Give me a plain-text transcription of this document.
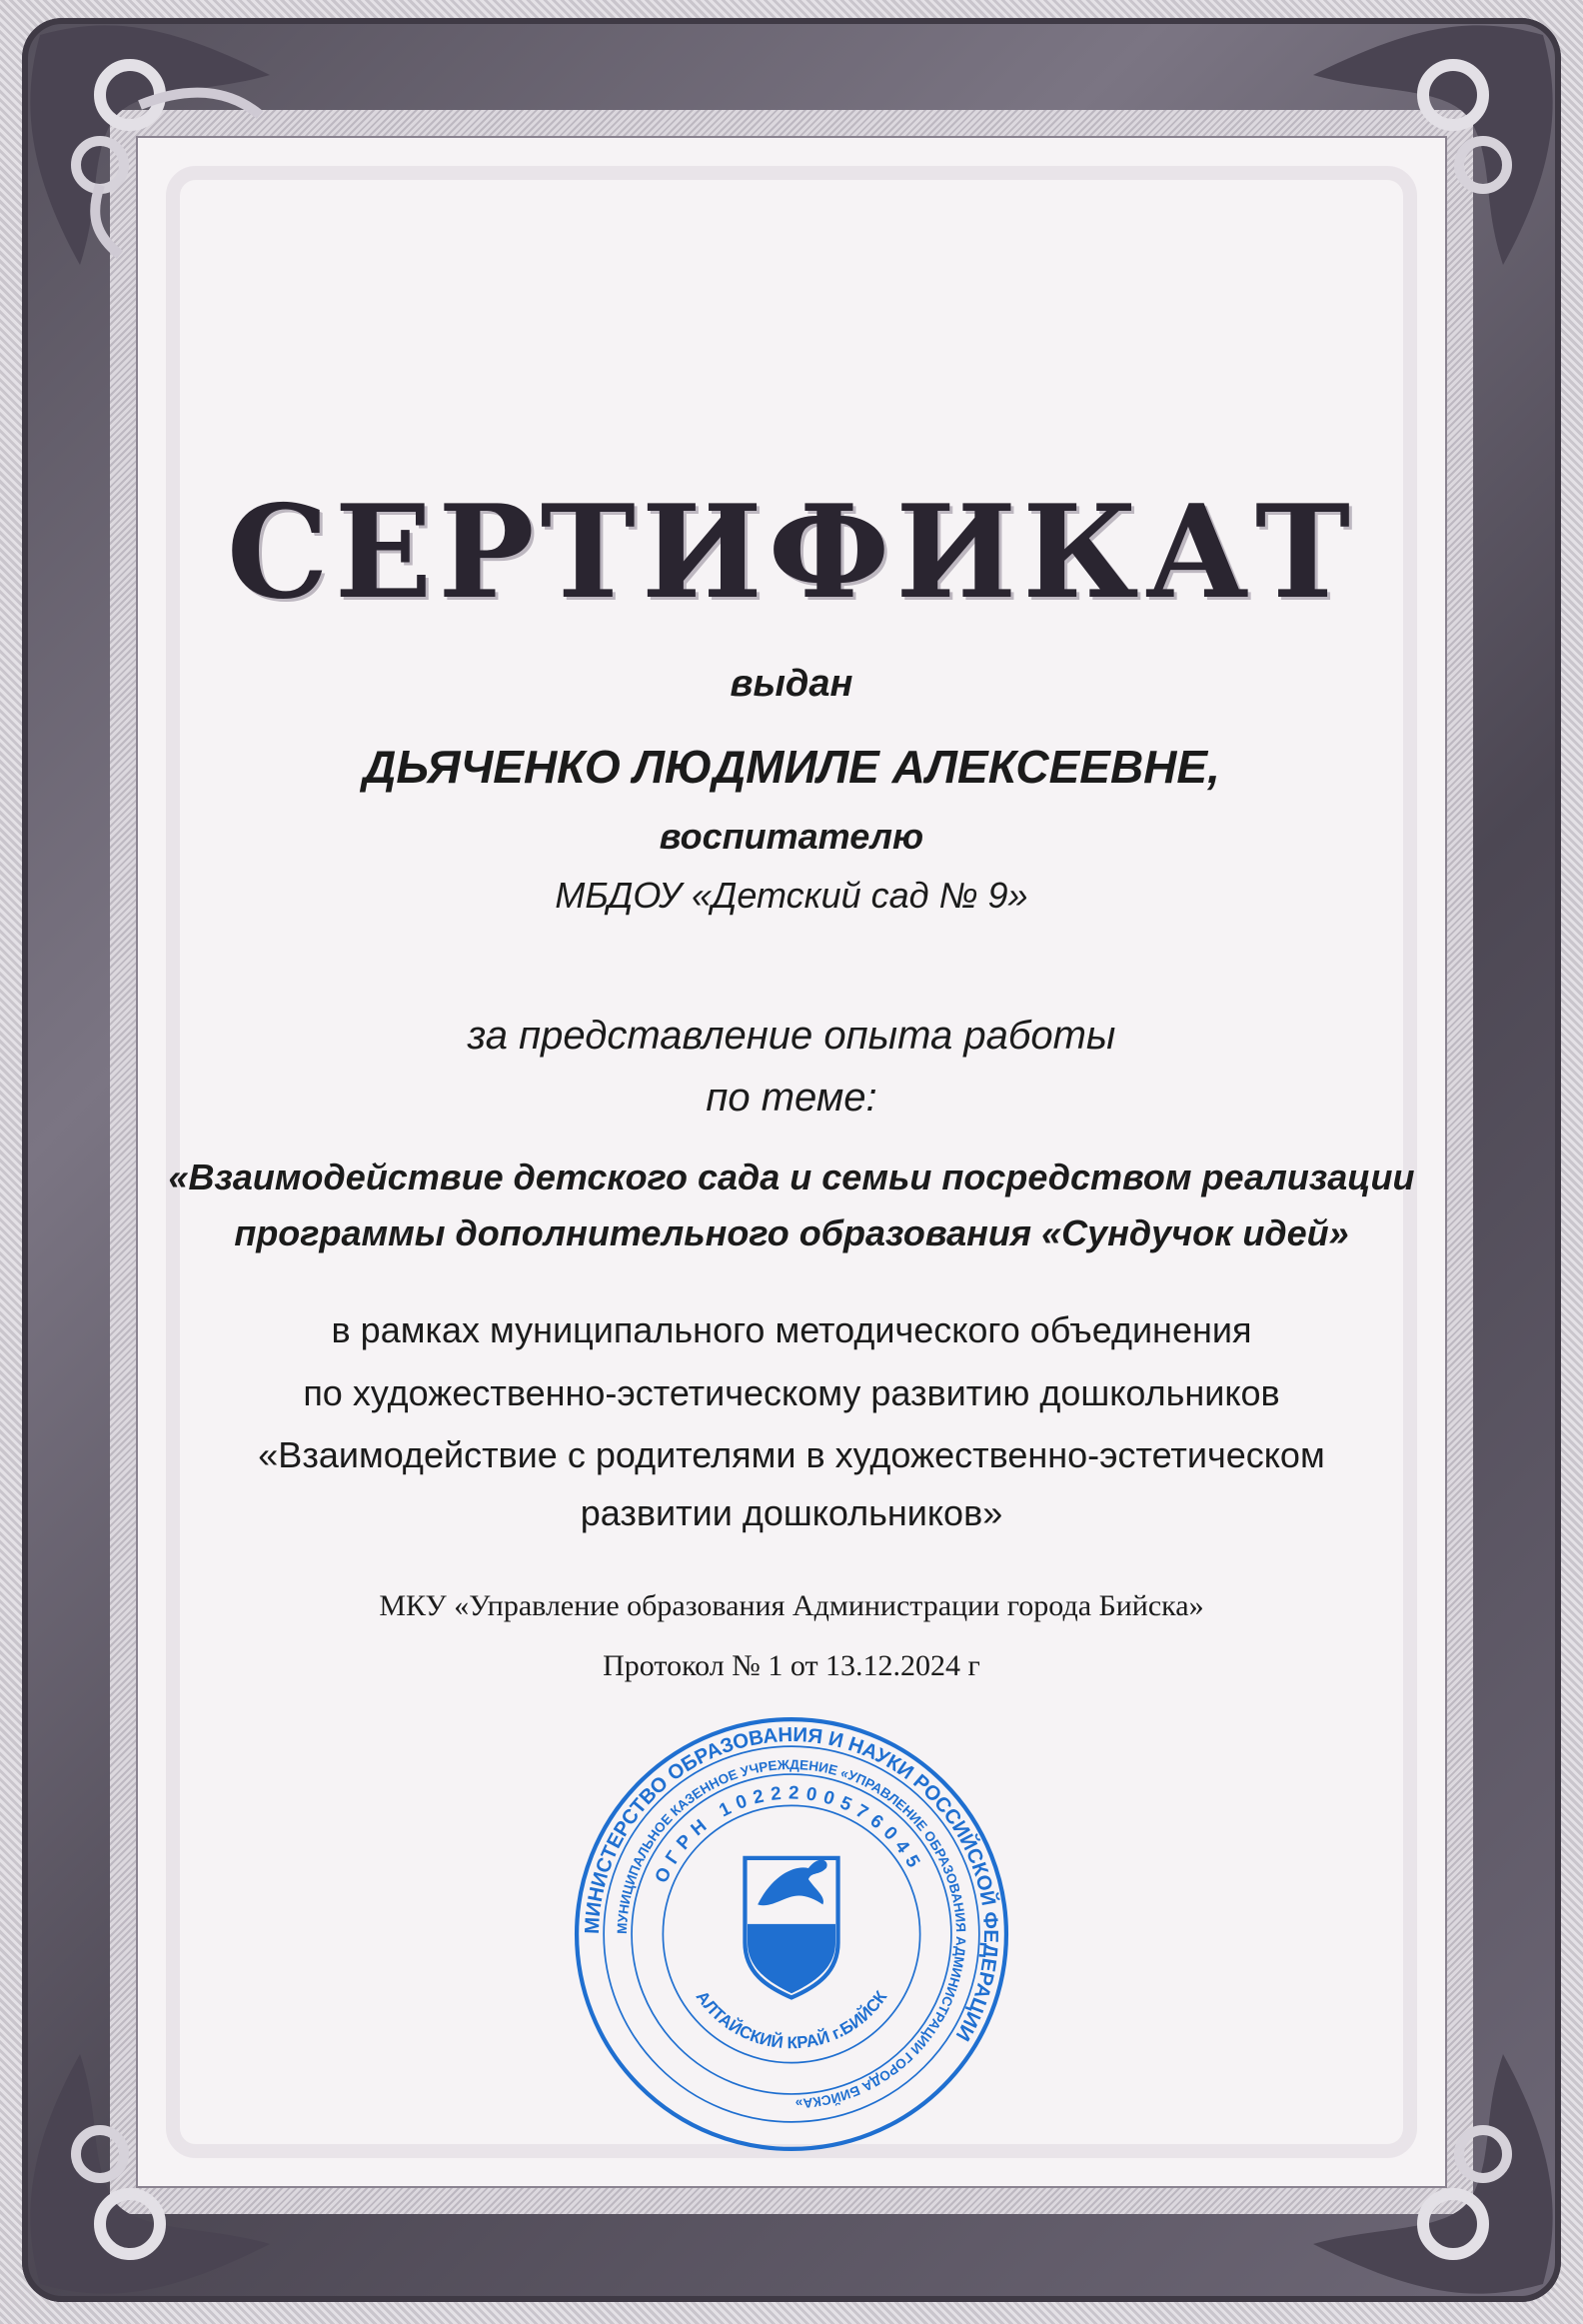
СЕРТИФИКАТ
выдан
ДЬЯЧЕНКО ЛЮДМИЛЕ АЛЕКСЕЕВНЕ,
воспитателю
МБДОУ «Детский сад № 9»
за представление опыта работы
по теме:
«Взаимодействие детского сада и семьи посредством реализации
программы дополнительного образования «Сундучок идей»
в рамках муниципального методического объединения
по художественно-эстетическому развитию дошкольников
«Взаимодействие с родителями в художественно-эстетическом
развитии дошкольников»
МКУ «Управление образования Администрации города Бийска»
Протокол № 1 от 13.12.2024 г
МИНИСТЕРСТВО ОБРАЗОВАНИЯ И НАУКИ РОССИЙСКОЙ ФЕДЕРАЦИИ
МУНИЦИПАЛЬНОЕ КАЗЕННОЕ УЧРЕЖДЕНИЕ «УПРАВЛЕНИЕ ОБРАЗОВАНИЯ АДМИНИСТРАЦИИ ГОРОДА БИЙСКА»
ОГРН 1022200576045
АЛТАЙСКИЙ КРАЙ г.БИЙСК
